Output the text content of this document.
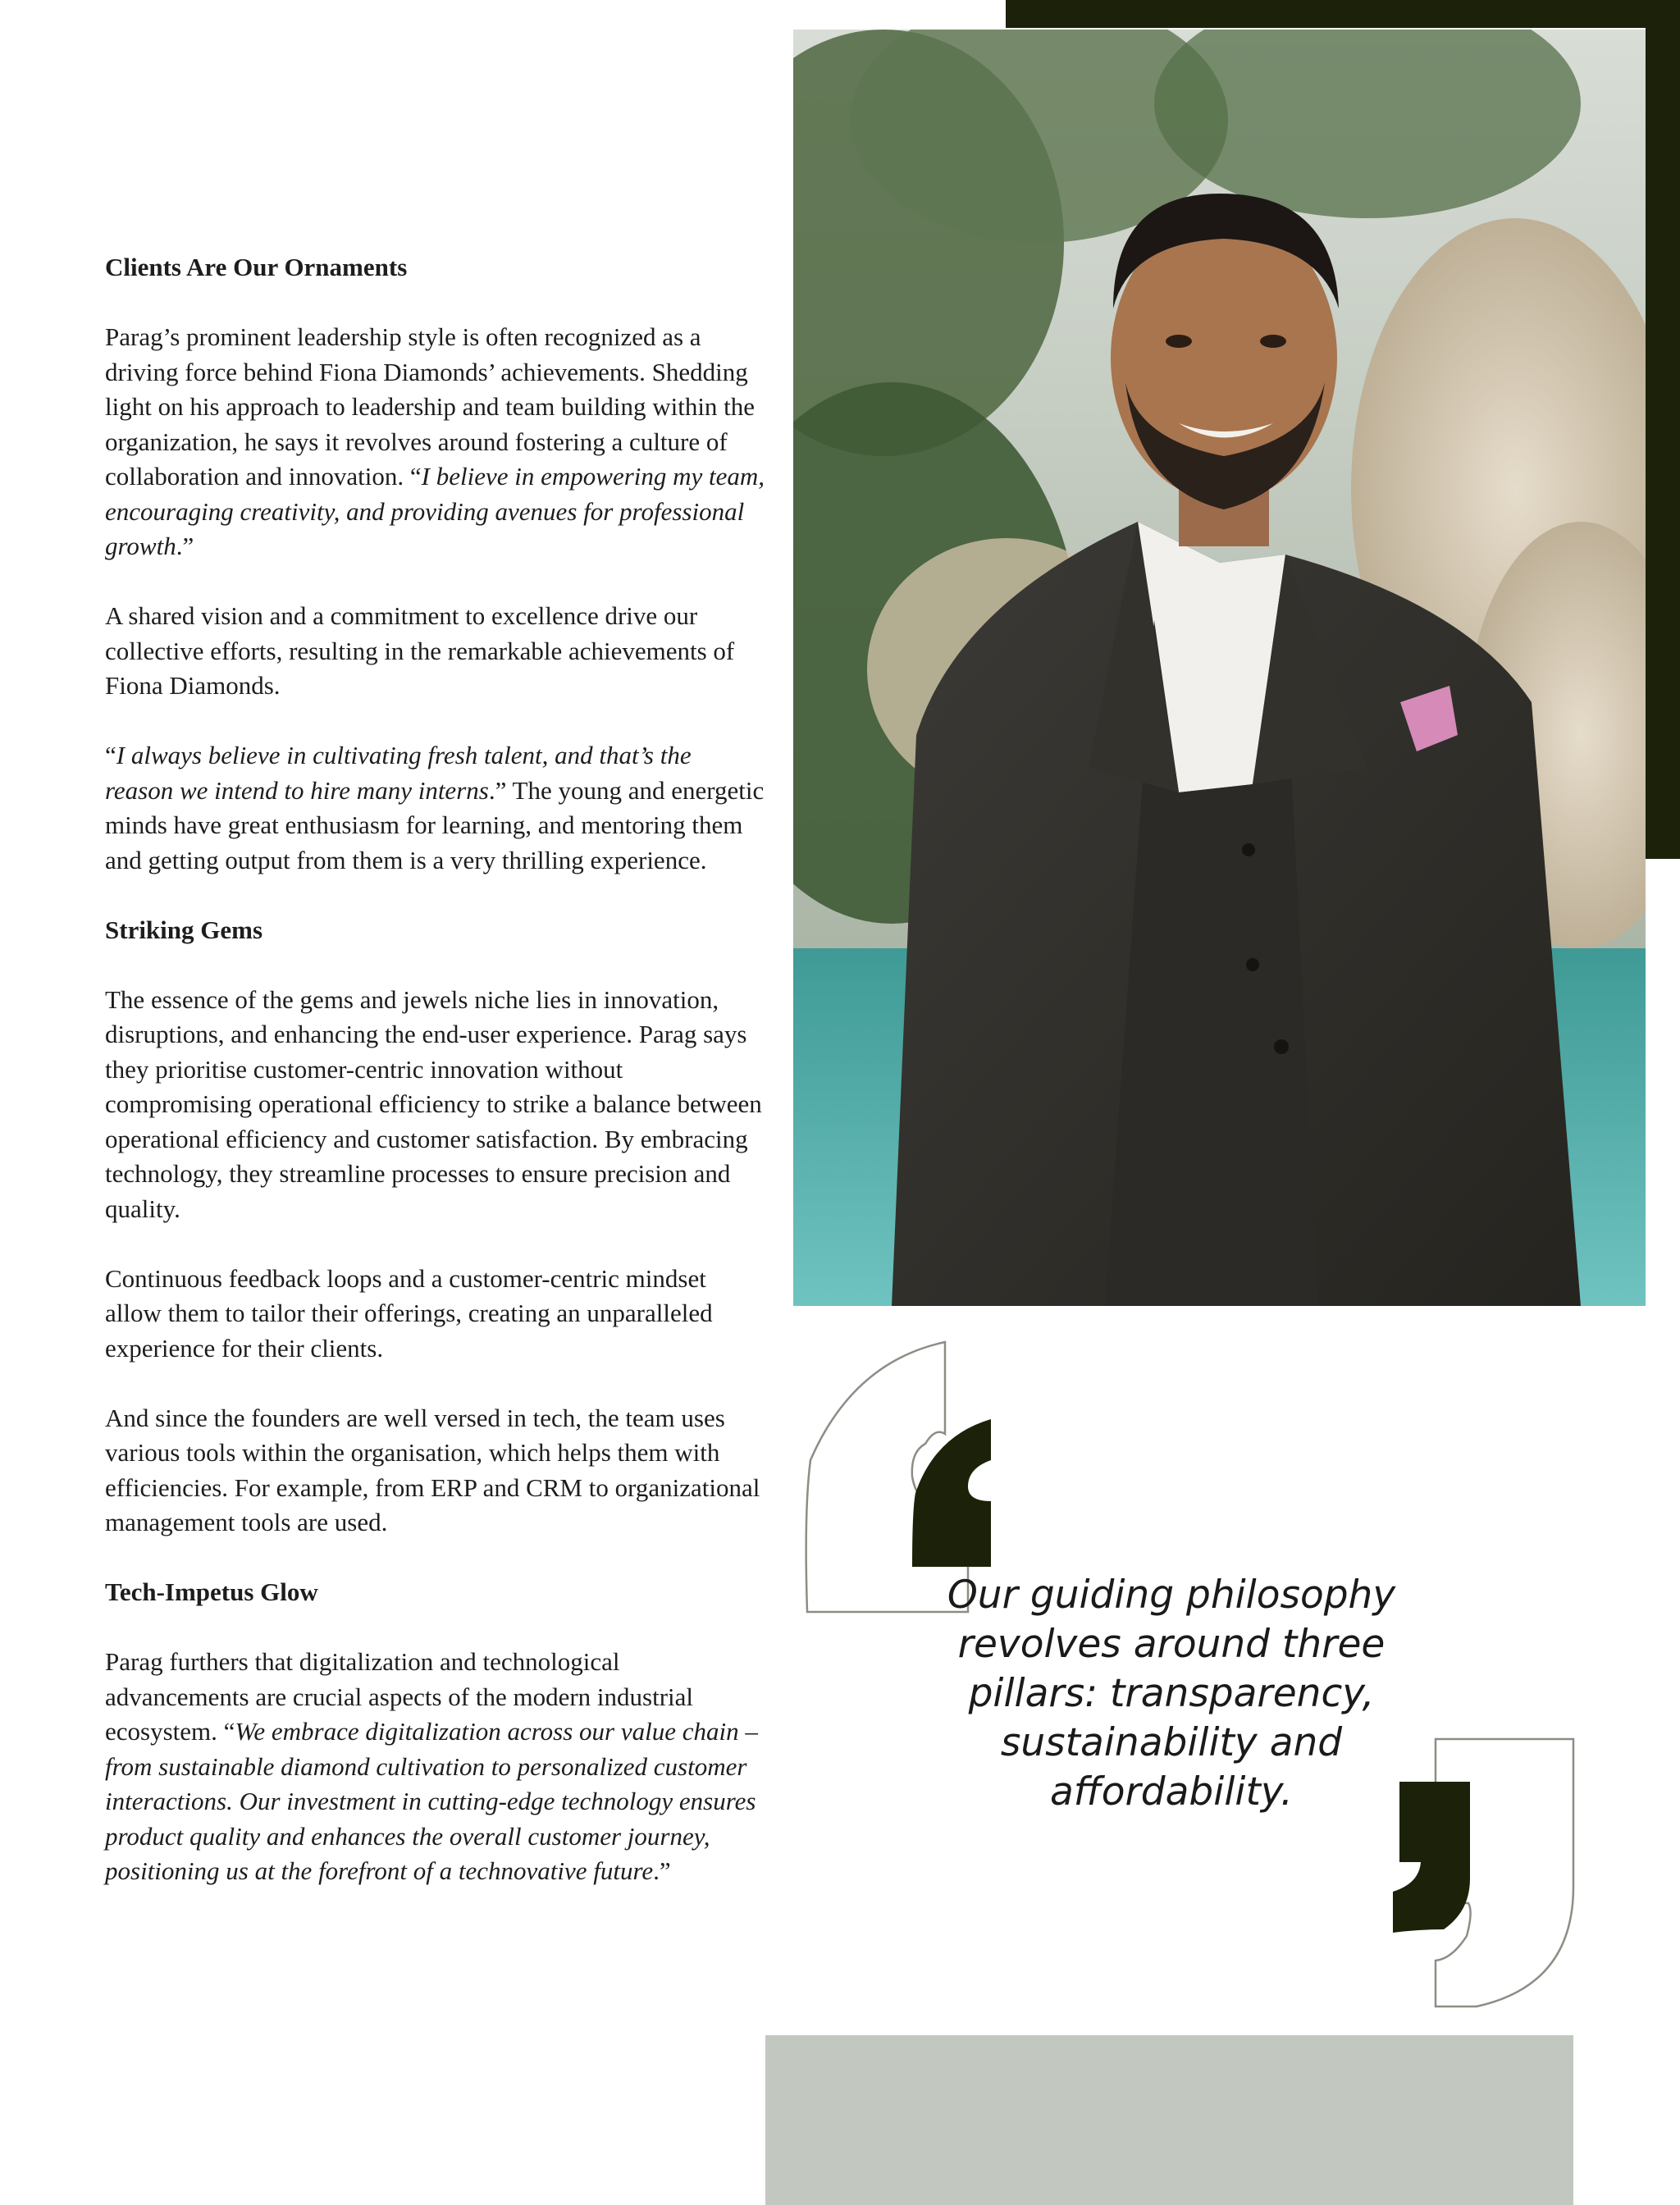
Clients Are Our Ornaments

Parag’s prominent leadership style is often recognized as a driving force behind Fiona Diamonds’ achievements. Shedding light on his approach to leadership and team building within the organization, he says it revolves around fostering a culture of collaboration and innovation. “I believe in empowering my team, encouraging creativity, and providing avenues for professional growth.”

A shared vision and a commitment to excellence drive our collective efforts, resulting in the remarkable achievements of Fiona Diamonds.

“I always believe in cultivating fresh talent, and that’s the reason we intend to hire many interns.” The young and energetic minds have great enthusiasm for learning, and mentoring them and getting output from them is a very thrilling experience.

Striking Gems

The essence of the gems and jewels niche lies in innovation, disruptions, and enhancing the end-user experience. Parag says they prioritise customer-centric innovation without compromising operational efficiency to strike a balance between operational efficiency and customer satisfaction. By embracing technology, they streamline processes to ensure precision and quality.

Continuous feedback loops and a customer-centric mindset allow them to tailor their offerings, creating an unparalleled experience for their clients.

And since the founders are well versed in tech, the team uses various tools within the organisation, which helps them with efficiencies. For example, from ERP and CRM to organizational management tools are used.

Tech-Impetus Glow

Parag furthers that digitalization and technological advancements are crucial aspects of the modern industrial ecosystem. “We embrace digitalization across our value chain – from sustainable diamond cultivation to personalized customer interactions. Our investment in cutting-edge technology ensures product quality and enhances the overall customer journey, positioning us at the forefront of a technovative future.”

Our guiding philosophy revolves around three pillars: transparency, sustainability and affordability.
